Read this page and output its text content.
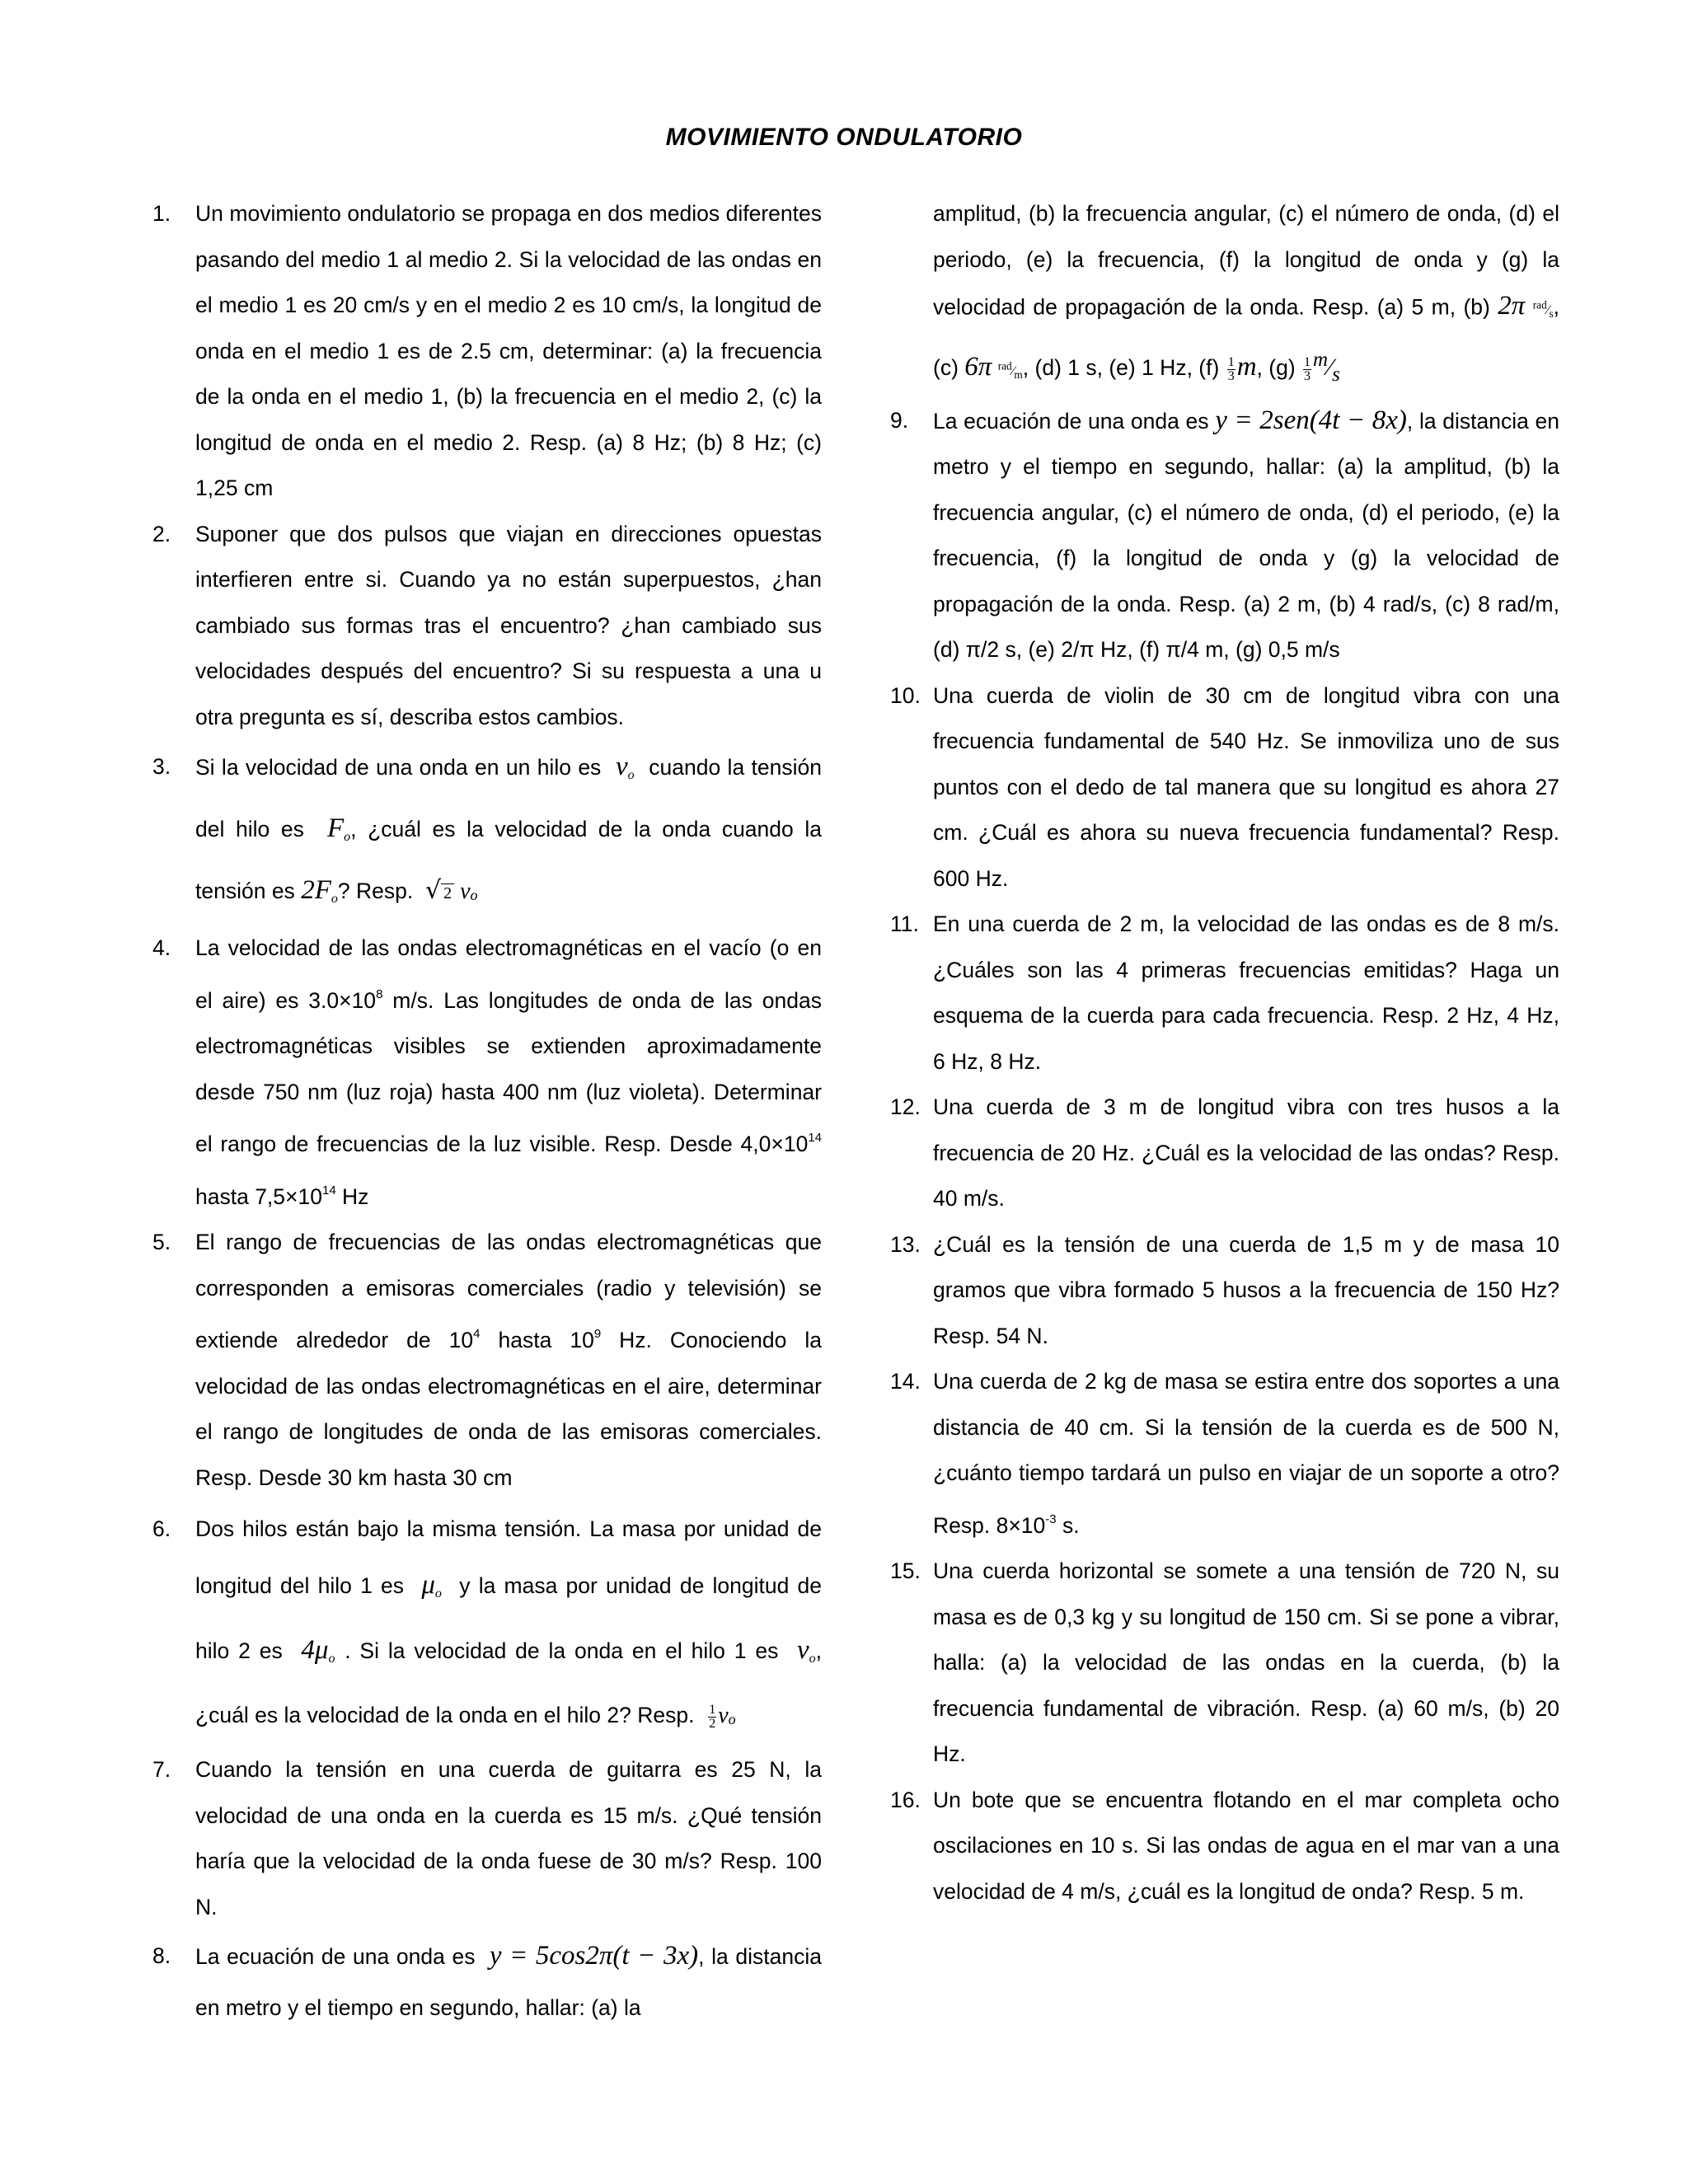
MOVIMIENTO ONDULATORIO
1. Un movimiento ondulatorio se propaga en dos medios diferentes pasando del medio 1 al medio 2. Si la velocidad de las ondas en el medio 1 es 20 cm/s y en el medio 2 es 10 cm/s, la longitud de onda en el medio 1 es de 2.5 cm, determinar: (a) la frecuencia de la onda en el medio 1, (b) la frecuencia en el medio 2, (c) la longitud de onda en el medio 2. Resp. (a) 8 Hz; (b) 8 Hz; (c) 1,25 cm
2. Suponer que dos pulsos que viajan en direcciones opuestas interfieren entre si. Cuando ya no están superpuestos, ¿han cambiado sus formas tras el encuentro? ¿han cambiado sus velocidades después del encuentro? Si su respuesta a una u otra pregunta es sí, describa estos cambios.
3. Si la velocidad de una onda en un hilo es $v_o$ cuando la tensión del hilo es $F_o$, ¿cuál es la velocidad de la onda cuando la tensión es $2F_o$? Resp. √ 2 vo
4. La velocidad de las ondas electromagnéticas en el vacío (o en el aire) es $3.0\times 10^8$ m/s. Las longitudes de onda de las ondas electromagnéticas visibles se extienden aproximadamente desde 750 nm (luz roja) hasta 400 nm (luz violeta). Determinar el rango de frecuencias de la luz visible. Resp. Desde $4,0\times 10^{14}$ hasta $7,5\times 10^{14}$ Hz
5. El rango de frecuencias de las ondas electromagnéticas que corresponden a emisoras comerciales (radio y televisión) se extiende alrededor de $10^4$ hasta $10^9$ Hz. Conociendo la velocidad de las ondas electromagnéticas en el aire, determinar el rango de longitudes de onda de las emisoras comerciales. Resp. Desde 30 km hasta 30 cm
6. Dos hilos están bajo la misma tensión. La masa por unidad de longitud del hilo 1 es $\mu_o$ y la masa por unidad de longitud de hilo 2 es $4\mu_o$ . Si la velocidad de la onda en el hilo 1 es $v_o$, ¿cuál es la velocidad de la onda en el hilo 2? Resp. $\frac{1}{2}$ vo
7. Cuando la tensión en una cuerda de guitarra es 25 N, la velocidad de una onda en la cuerda es 15 m/s. ¿Qué tensión haría que la velocidad de la onda fuese de 30 m/s? Resp. 100 N.
8. La ecuación de una onda es y = 5cos2π(t − 3x), la distancia en metro y el tiempo en segundo, hallar: (a) la
amplitud, (b) la frecuencia angular, (c) el número de onda, (d) el periodo, (e) la frecuencia, (f) la longitud de onda y (g) la velocidad de propagación de la onda. Resp. (a) 5 m, (b) 2π $^{rad}⁄_s$, (c) 6π $^{rad}⁄_m$, (d) 1 s, (e) 1 Hz, $(f) \frac{1}{3} m$, $(g) \frac{1}{3}$ $^m⁄_s$
9. La ecuación de una onda es y = 2sen(4t − 8x), la distancia en metro y el tiempo en segundo, hallar: (a) la amplitud, (b) la frecuencia angular, (c) el número de onda, (d) el periodo, (e) la frecuencia, (f) la longitud de onda y (g) la velocidad de propagación de la onda. Resp. (a) 2 m, (b) 4 rad/s, (c) 8 rad/m, (d) π/2 s, (e) 2/π Hz, (f) π/4 m, (g) 0,5 m/s
10. Una cuerda de violin de 30 cm de longitud vibra con una frecuencia fundamental de 540 Hz. Se inmoviliza uno de sus puntos con el dedo de tal manera que su longitud es ahora 27 cm. ¿Cuál es ahora su nueva frecuencia fundamental? Resp. 600 Hz.
11. En una cuerda de 2 m, la velocidad de las ondas es de 8 m/s. ¿Cuáles son las 4 primeras frecuencias emitidas? Haga un esquema de la cuerda para cada frecuencia. Resp. 2 Hz, 4 Hz, 6 Hz, 8 Hz.
12. Una cuerda de 3 m de longitud vibra con tres husos a la frecuencia de 20 Hz. ¿Cuál es la velocidad de las ondas? Resp. 40 m/s.
13. ¿Cuál es la tensión de una cuerda de 1,5 m y de masa 10 gramos que vibra formado 5 husos a la frecuencia de 150 Hz? Resp. 54 N.
14. Una cuerda de 2 kg de masa se estira entre dos soportes a una distancia de 40 cm. Si la tensión de la cuerda es de 500 N, ¿cuánto tiempo tardará un pulso en viajar de un soporte a otro? Resp. $8\times 10^{-3}$ s.
15. Una cuerda horizontal se somete a una tensión de 720 N, su masa es de 0,3 kg y su longitud de 150 cm. Si se pone a vibrar, halla: (a) la velocidad de las ondas en la cuerda, (b) la frecuencia fundamental de vibración. Resp. (a) 60 m/s, (b) 20 Hz.
16. Un bote que se encuentra flotando en el mar completa ocho oscilaciones en 10 s. Si las ondas de agua en el mar van a una velocidad de 4 m/s, ¿cuál es la longitud de onda? Resp. 5 m.
